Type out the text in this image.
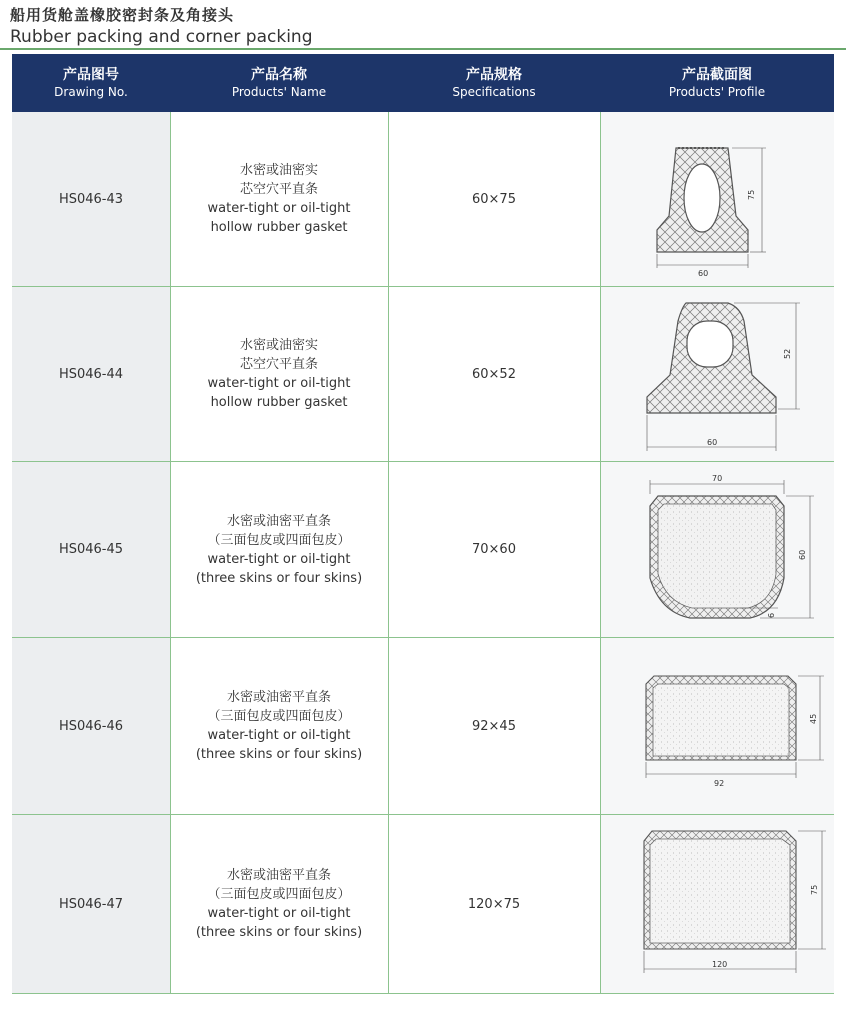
船用货舱盖橡胶密封条及角接头
Rubber packing and corner packing
产品图号
Drawing No.
产品名称
Products' Name
产品规格
Specifications
产品截面图
Products' Profile
HS046-43
水密或油密实
芯空穴平直条
water-tight or oil-tight
hollow rubber gasket
60×75	75
60
HS046-44
水密或油密实
芯空穴平直条
water-tight or oil-tight
hollow rubber gasket
60×52
52
60
HS046-45
水密或油密平直条
（三面包皮或四面包皮）
water-tight or oil-tight
(three skins or four skins)
70×60
70
60
6
HS046-46
水密或油密平直条
（三面包皮或四面包皮）
water-tight or oil-tight
(three skins or four skins)
92×45	45
92
HS046-47
水密或油密平直条
（三面包皮或四面包皮）
water-tight or oil-tight
(three skins or four skins)
120×75
75
120
